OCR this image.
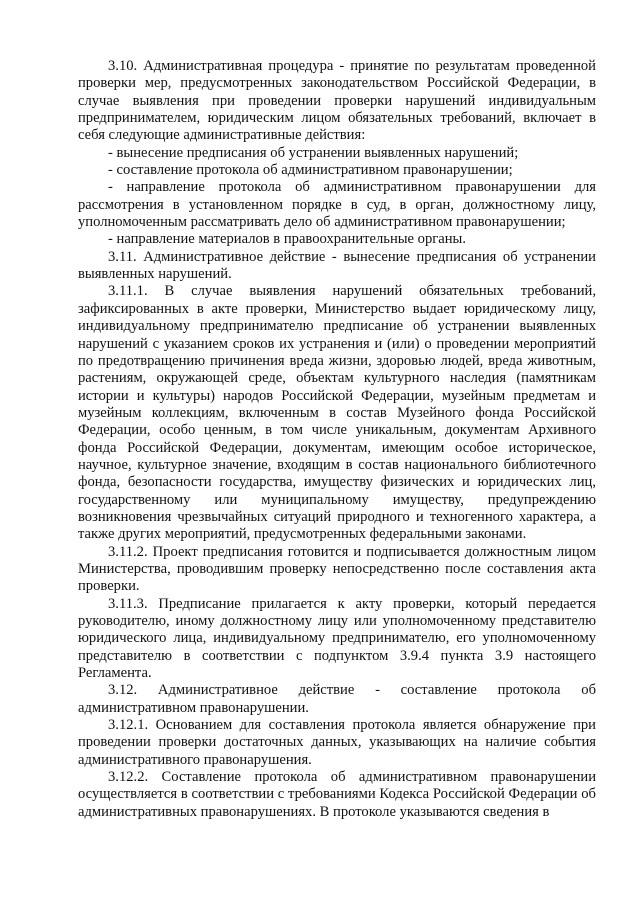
3.10. Административная процедура - принятие по результатам проведенной проверки мер, предусмотренных законодательством Российской Федерации, в случае выявления при проведении проверки нарушений индивидуальным предпринимателем, юридическим лицом обязательных требований, включает в себя следующие административные действия:

- вынесение предписания об устранении выявленных нарушений;

- составление протокола об административном правонарушении;

- направление протокола об административном правонарушении для рассмотрения в установленном порядке в суд, в орган, должностному лицу, уполномоченным рассматривать дело об административном правонарушении;

- направление материалов в правоохранительные органы.

3.11. Административное действие - вынесение предписания об устранении выявленных нарушений.

3.11.1. В случае выявления нарушений обязательных требований, зафиксированных в акте проверки, Министерство выдает юридическому лицу, индивидуальному предпринимателю предписание об устранении выявленных нарушений с указанием сроков их устранения и (или) о проведении мероприятий по предотвращению причинения вреда жизни, здоровью людей, вреда животным, растениям, окружающей среде, объектам культурного наследия (памятникам истории и культуры) народов Российской Федерации, музейным предметам и музейным коллекциям, включенным в состав Музейного фонда Российской Федерации, особо ценным, в том числе уникальным, документам Архивного фонда Российской Федерации, документам, имеющим особое историческое, научное, культурное значение, входящим в состав национального библиотечного фонда, безопасности государства, имуществу физических и юридических лиц, государственному или муниципальному имуществу, предупреждению возникновения чрезвычайных ситуаций природного и техногенного характера, а также других мероприятий, предусмотренных федеральными законами.

3.11.2. Проект предписания готовится и подписывается должностным лицом Министерства, проводившим проверку непосредственно после составления акта проверки.

3.11.3. Предписание прилагается к акту проверки, который передается руководителю, иному должностному лицу или уполномоченному представителю юридического лица, индивидуальному предпринимателю, его уполномоченному представителю в соответствии с подпунктом 3.9.4 пункта 3.9 настоящего Регламента.

3.12. Административное действие - составление протокола об административном правонарушении.

3.12.1. Основанием для составления протокола является обнаружение при проведении проверки достаточных данных, указывающих на наличие события административного правонарушения.

3.12.2. Составление протокола об административном правонарушении осуществляется в соответствии с требованиями Кодекса Российской Федерации об административных правонарушениях. В протоколе указываются сведения в
